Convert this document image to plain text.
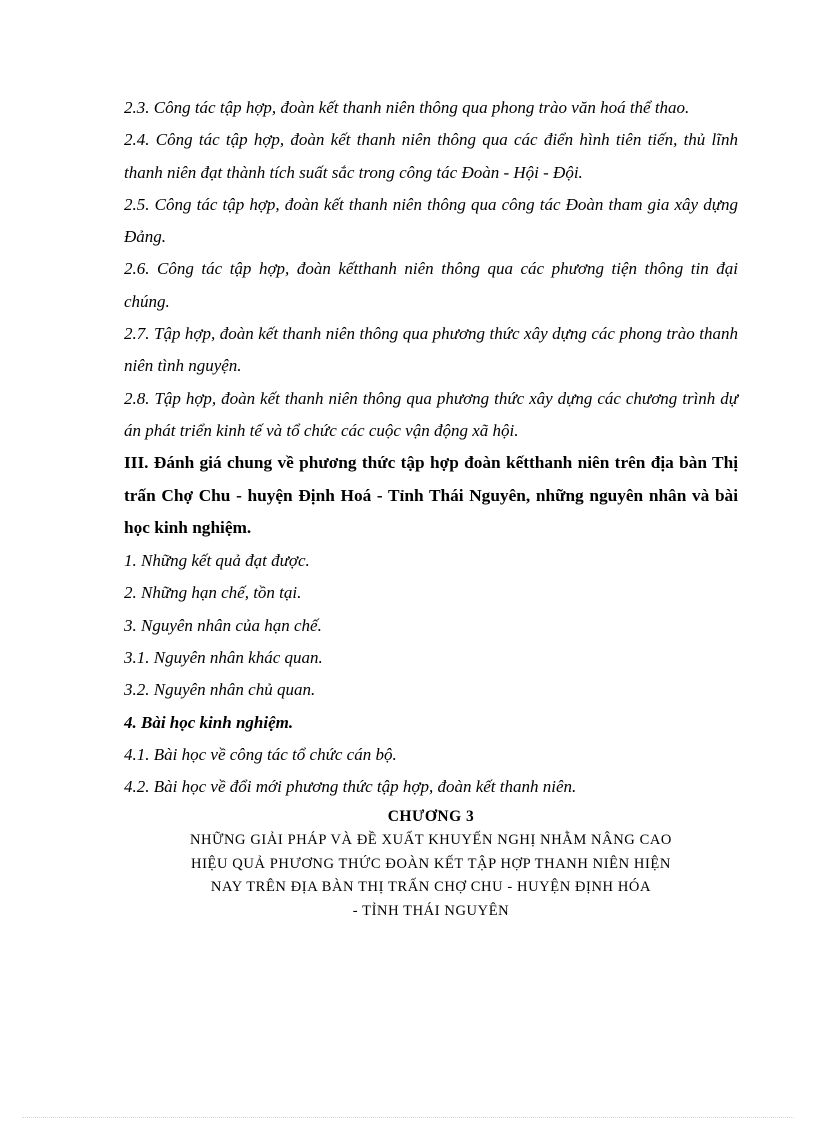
2.3. Công tác tập hợp, đoàn kết thanh niên thông qua phong trào văn hoá thể thao.

2.4. Công tác tập hợp, đoàn kết thanh niên thông qua các điển hình tiên tiến, thủ lĩnh thanh niên đạt thành tích suất sắc trong công tác Đoàn - Hội - Đội.

2.5. Công tác tập hợp, đoàn kết thanh niên thông qua công tác Đoàn tham gia xây dựng Đảng.

2.6. Công tác tập hợp, đoàn kếtthanh niên thông qua các phương tiện thông tin đại chúng.

2.7. Tập hợp, đoàn kết thanh niên thông qua phương thức xây dựng các phong trào thanh niên tình nguyện.

2.8. Tập hợp, đoàn kết thanh niên thông qua phương thức xây dựng các chương trình dự án phát triển kinh tế và tổ chức các cuộc vận động xã hội.

III. Đánh giá chung về phương thức tập hợp đoàn kếtthanh niên trên địa bàn Thị trấn Chợ Chu - huyện Định Hoá - Tỉnh Thái Nguyên, những nguyên nhân và bài học kinh nghiệm.

1. Những kết quả đạt được.

2. Những hạn chế, tồn tại.

3. Nguyên nhân của hạn chế.

3.1. Nguyên nhân khác quan.

3.2. Nguyên nhân chủ quan.

4. Bài học kinh nghiệm.

4.1. Bài học về công tác tổ chức cán bộ.

4.2. Bài học về đổi mới phương thức tập hợp, đoàn kết thanh niên.

CHƯƠNG 3
NHỮNG GIẢI PHÁP VÀ ĐỀ XUẤT KHUYẾN NGHỊ NHẰM NÂNG CAO
HIỆU QUẢ PHƯƠNG THỨC ĐOÀN KẾT TẬP HỢP THANH NIÊN HIỆN
NAY TRÊN ĐỊA BÀN THỊ TRẤN CHỢ CHU - HUYỆN ĐỊNH HÓA
- TỈNH THÁI NGUYÊN
